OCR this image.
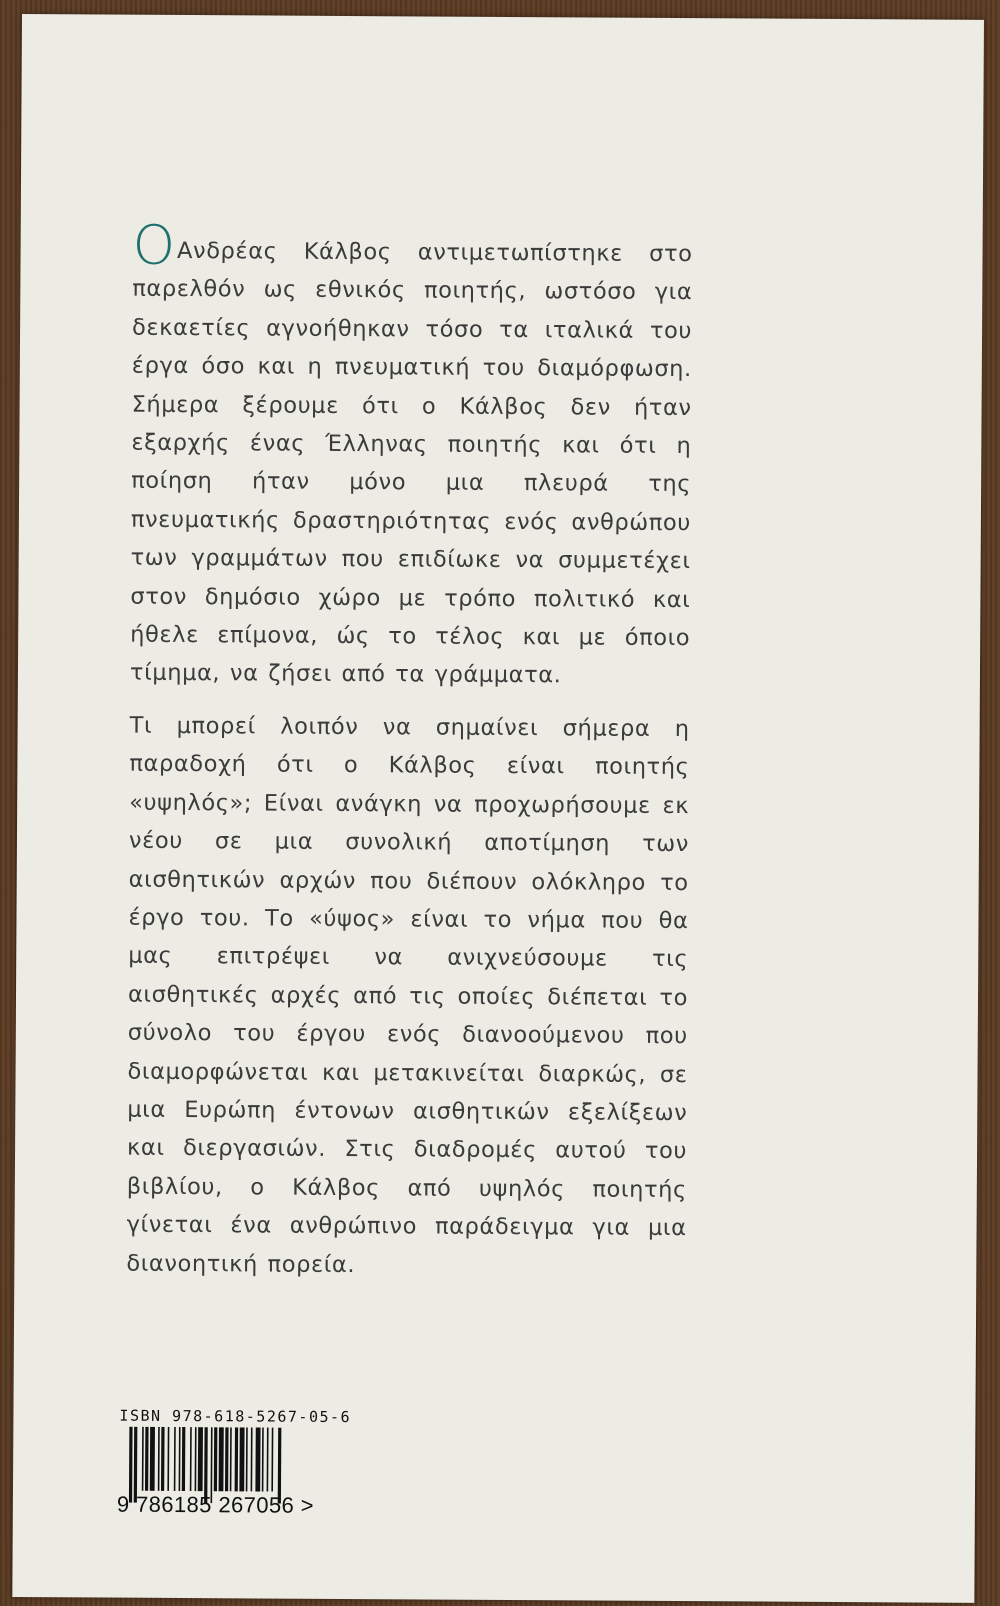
ΟΑνδρέας Κάλβος αντιμετωπίστηκε στο παρελθόν ως εθνικός ποιητής, ωστόσο για δεκαετίες αγνοήθηκαν τόσο τα ιταλικά του έργα όσο και η πνευματική του διαμόρφωση. Σήμερα ξέρουμε ότι ο Κάλβος δεν ήταν εξαρχής ένας Έλληνας ποιητής και ότι η ποίηση ήταν μόνο μια πλευρά της πνευματικής δραστηριότητας ενός ανθρώπου των γραμμάτων που επιδίωκε να συμμετέχει στον δημόσιο χώρο με τρόπο πολιτικό και ήθελε επίμονα, ώς το τέλος και με όποιο τίμημα, να ζήσει από τα γράμματα.

Τι μπορεί λοιπόν να σημαίνει σήμερα η παραδοχή ότι ο Κάλβος είναι ποιητής «υψηλός»; Είναι ανάγκη να προχωρήσουμε εκ νέου σε μια συνολική αποτίμηση των αισθητικών αρχών που διέπουν ολόκληρο το έργο του. Το «ύψος» είναι το νήμα που θα μας επιτρέψει να ανιχνεύσουμε τις αισθητικές αρχές από τις οποίες διέπεται το σύνολο του έργου ενός διανοούμενου που διαμορφώνεται και μετακινείται διαρκώς, σε μια Ευρώπη έντονων αισθητικών εξελίξεων και διεργασιών. Στις διαδρομές αυτού του βιβλίου, ο Κάλβος από υψηλός ποιητής γίνεται ένα ανθρώπινο παράδειγμα για μια διανοητική πορεία.

ISBN 978-618-5267-05-6
9 786185 267056 >
